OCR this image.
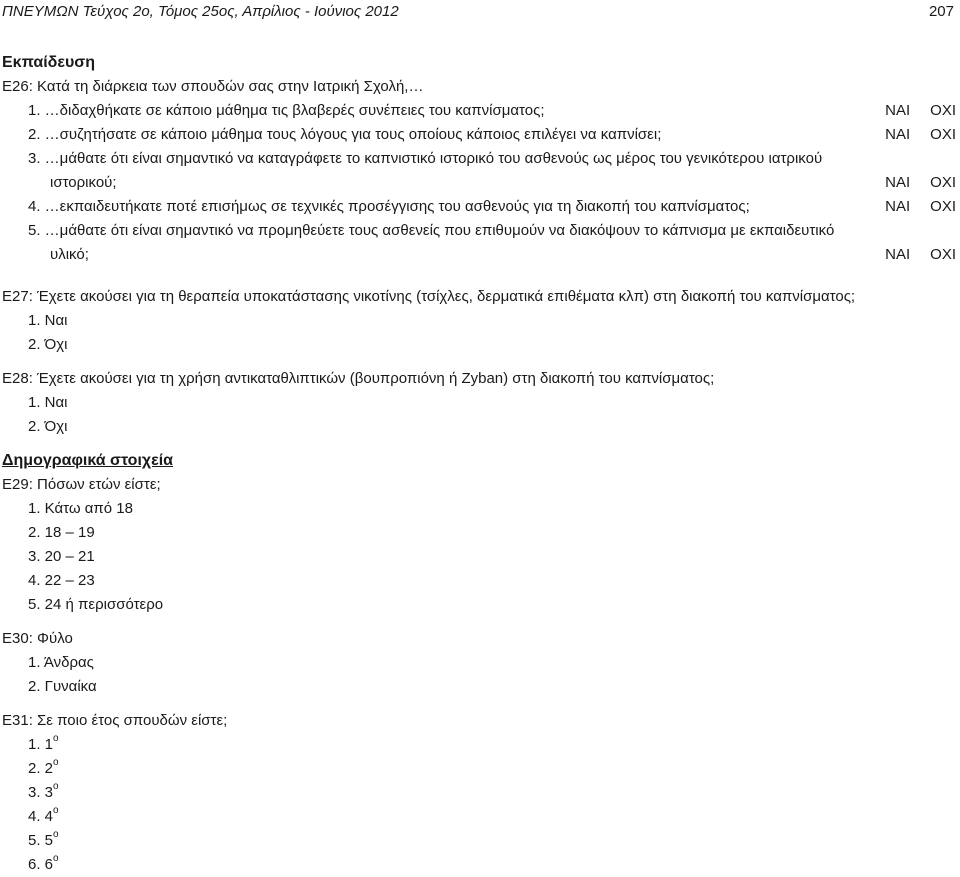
ΠΝΕΥΜΩΝ Τεύχος 2ο, Τόμος 25ος, Απρίλιος - Ιούνιος 2012	207
Εκπαίδευση
Ε26: Κατά τη διάρκεια των σπουδών σας στην Ιατρική Σχολή,…
1. …διδαχθήκατε σε κάποιο μάθημα τις βλαβερές συνέπειες του καπνίσματος;	ΝΑΙ ΟΧΙ
2. …συζητήσατε σε κάποιο μάθημα τους λόγους για τους οποίους κάποιος επιλέγει να καπνίσει;	ΝΑΙ ΟΧΙ
3. …μάθατε ότι είναι σημαντικό να καταγράφετε το καπνιστικό ιστορικό του ασθενούς ως μέρος του γενικότερου ιατρικού
ιστορικού;	ΝΑΙ ΟΧΙ
4. …εκπαιδευτήκατε ποτέ επισήμως σε τεχνικές προσέγγισης του ασθενούς για τη διακοπή του καπνίσματος;	ΝΑΙ ΟΧΙ
5. …μάθατε ότι είναι σημαντικό να προμηθεύετε τους ασθενείς που επιθυμούν να διακόψουν το κάπνισμα με εκπαιδευτικό
υλικό;	ΝΑΙ ΟΧΙ
Ε27: Έχετε ακούσει για τη θεραπεία υποκατάστασης νικοτίνης (τσίχλες, δερματικά επιθέματα κλπ) στη διακοπή του καπνίσματος;
1. Ναι
2. Όχι
Ε28: Έχετε ακούσει για τη χρήση αντικαταθλιπτικών (βουπροπιόνη ή Zyban) στη διακοπή του καπνίσματος;
1. Ναι
2. Όχι
Δημογραφικά στοιχεία
Ε29: Πόσων ετών είστε;
1. Κάτω από 18
2. 18 – 19
3. 20 – 21
4. 22 – 23
5. 24 ή περισσότερο
Ε30: Φύλο
1. Άνδρας
2. Γυναίκα
Ε31: Σε ποιο έτος σπουδών είστε;
1. $1^o$
2. $2^o$
3. $3^o$
4. $4^o$
5. $5^o$
6. $6^o$
